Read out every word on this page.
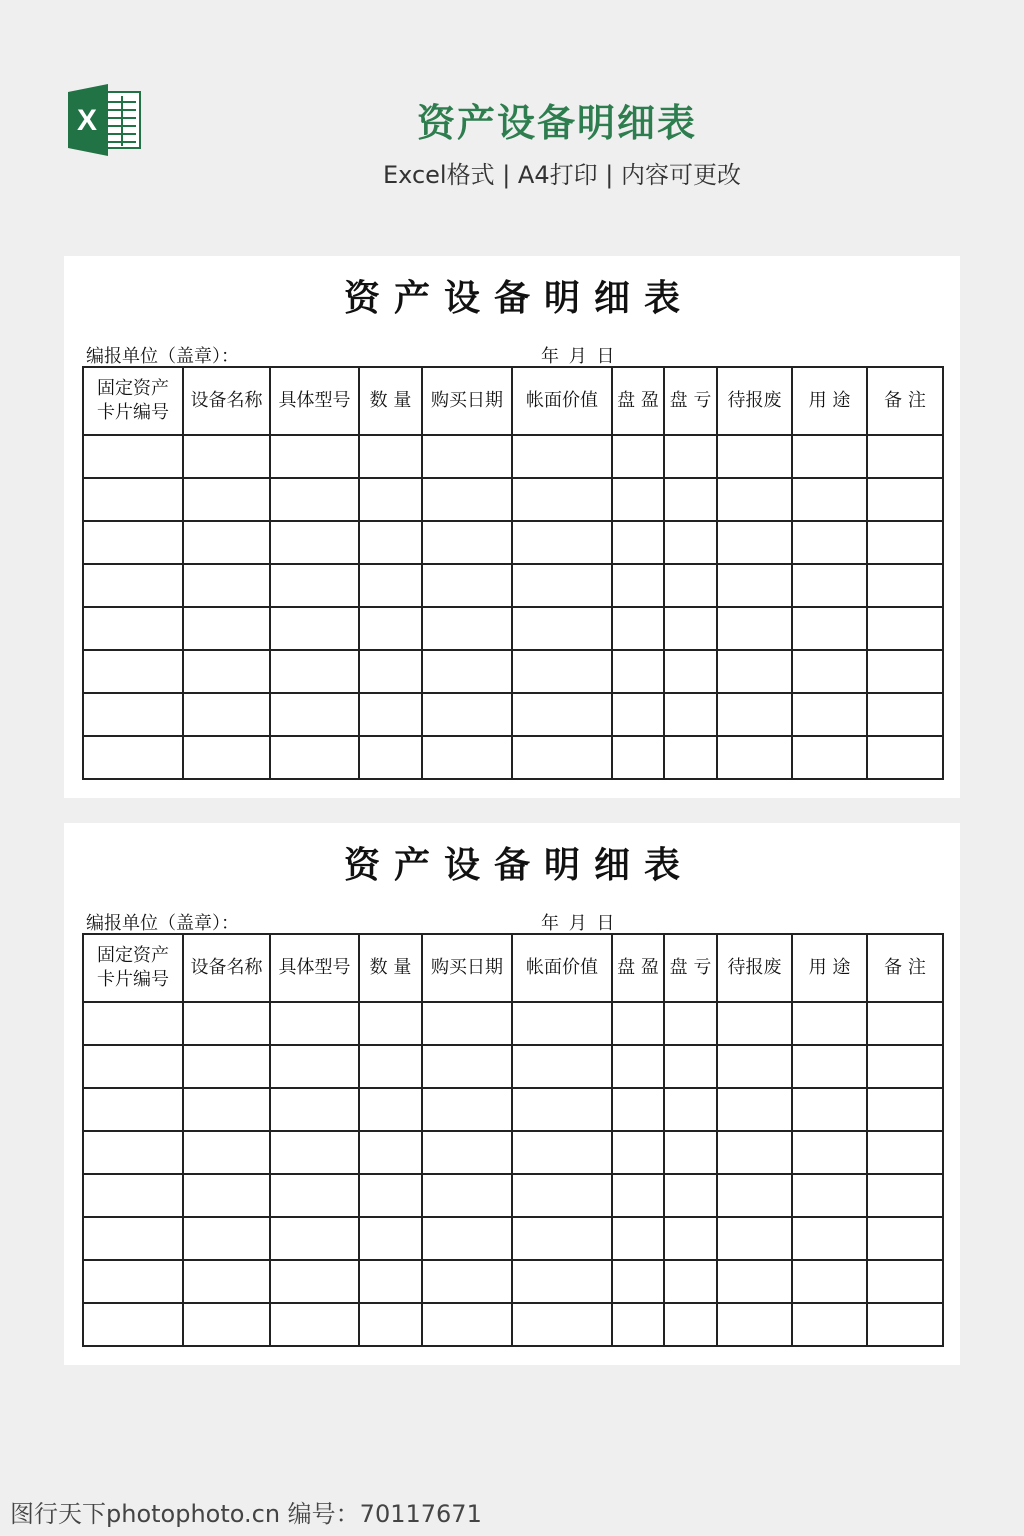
X	资产设备明细表
Excel格式 | A4打印 | 内容可更改
资产设备明细表
编报单位（盖章）：	年 月 日
固定资产卡片编号	设备名称	具体型号	数 量	购买日期	帐面价值	盘 盈	盘 亏	待报废	用 途	备 注

资产设备明细表
编报单位（盖章）：	年 月 日
固定资产卡片编号	设备名称	具体型号	数 量	购买日期	帐面价值	盘 盈	盘 亏	待报废	用 途	备 注

图行天下photophoto.cn 编号：70117671
